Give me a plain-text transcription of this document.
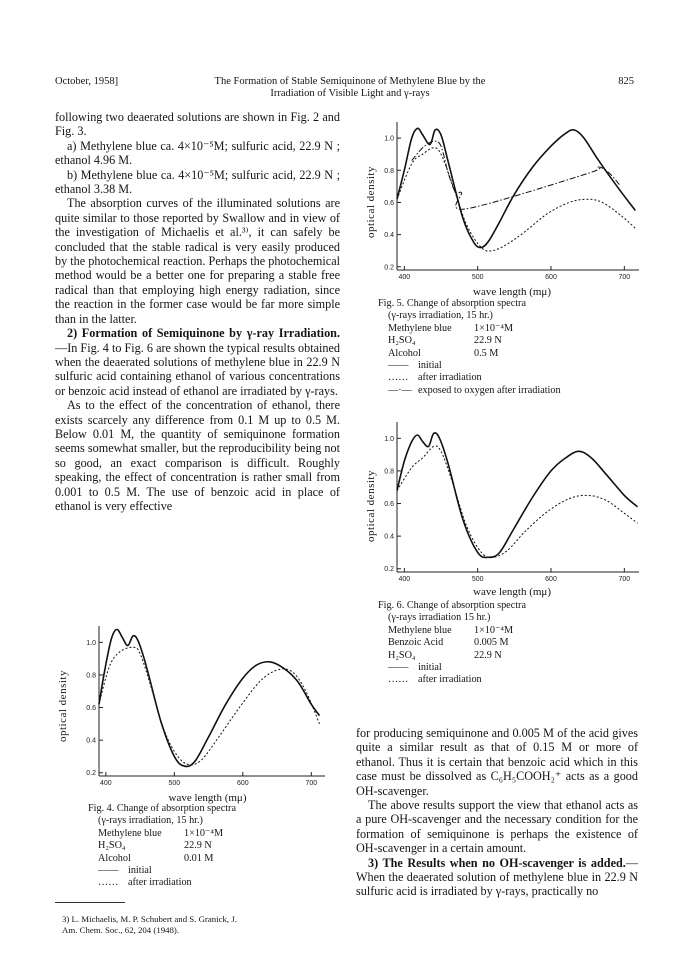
October, 1958]	The Formation of Stable Semiquinone of Methylene Blue by the
Irradiation of Visible Light and γ-rays
825

following two deaerated solutions are shown in Fig. 2 and Fig. 3.

a) Methylene blue ca. 4×10⁻⁵M; sulfuric acid, 22.9 N ; ethanol 4.96 M.

b) Methylene blue ca. 4×10⁻⁵M; sulfuric acid, 22.9 N ; ethanol 3.38 M.

The absorption curves of the illuminated solutions are quite similar to those reported by Swallow and in view of the investigation of Michaelis et al.³⁾, it can safely be concluded that the stable radical is very easily produced by the photochemical reaction. Perhaps the photochemical method would be a better one for preparing a stable free radical than that employing high energy radiation, since the reaction in the former case would be far more simple than in the latter.

2) Formation of Semiquinone by γ-ray Irradiation.—In Fig. 4 to Fig. 6 are shown the typical results obtained when the deaerated solutions of methylene blue in 22.9 N sulfuric acid containing ethanol of various concentrations or benzoic acid instead of ethanol are irradiated by γ-rays.

As to the effect of the concentration of ethanol, there exists scarcely any difference from 0.1 M up to 0.5 M. Below 0.01 M, the quantity of semiquinone formation seems somewhat smaller, but the reproducibility being not so good, an exact comparison is difficult. Roughly speaking, the effect of concentration is rather small from 0.001 to 0.5 M. The use of benzoic acid in place of ethanol is very effective

400	500	600	700
0.2
0.4
0.6
0.8
1.0
optical density
wave length (mμ)
Fig. 5. Change of absorption spectra
(γ-rays irradiation, 15 hr.)
Methylene blue	1×10⁻⁴M
H₂SO₄	22.9 N
Alcohol	0.5 M
—— initial
…… after irradiation
—·— exposed to oxygen after irradiation
400	500	600	700
0.2
0.4
0.6
0.8
1.0
optical density
wave length (mμ)
Fig. 6. Change of absorption spectra
(γ-rays irradiation 15 hr.)
Methylene blue	1×10⁻⁴M
Benzoic Acid	0.005 M
H₂SO₄	22.9 N
—— initial
…… after irradiation
400	500	600	700
0.2
0.4
0.6
0.8
1.0
optical density
wave length (mμ)
Fig. 4. Change of absorption spectra
(γ-rays irradiation, 15 hr.)
Methylene blue	1×10⁻⁴M
H₂SO₄	22.9 N
Alcohol	0.01 M
—— initial
…… after irradiation
3) L. Michaelis, M. P. Schubert and S. Granick, J.
Am. Chem. Soc., 62, 204 (1948).

for producing semiquinone and 0.005 M of the acid gives quite a similar result as that of 0.15 M or more of ethanol. Thus it is certain that benzoic acid which in this case must be dissolved as C₆H₅COOH₂⁺ acts as a good OH-scavenger.

The above results support the view that ethanol acts as a pure OH-scavenger and the necessary condition for the formation of semiquinone is perhaps the existence of OH-scavenger in a certain amount.

3) The Results when no OH-scavenger is added.— When the deaerated solution of methylene blue in 22.9 N sulfuric acid is irradiated by γ-rays, practically no
